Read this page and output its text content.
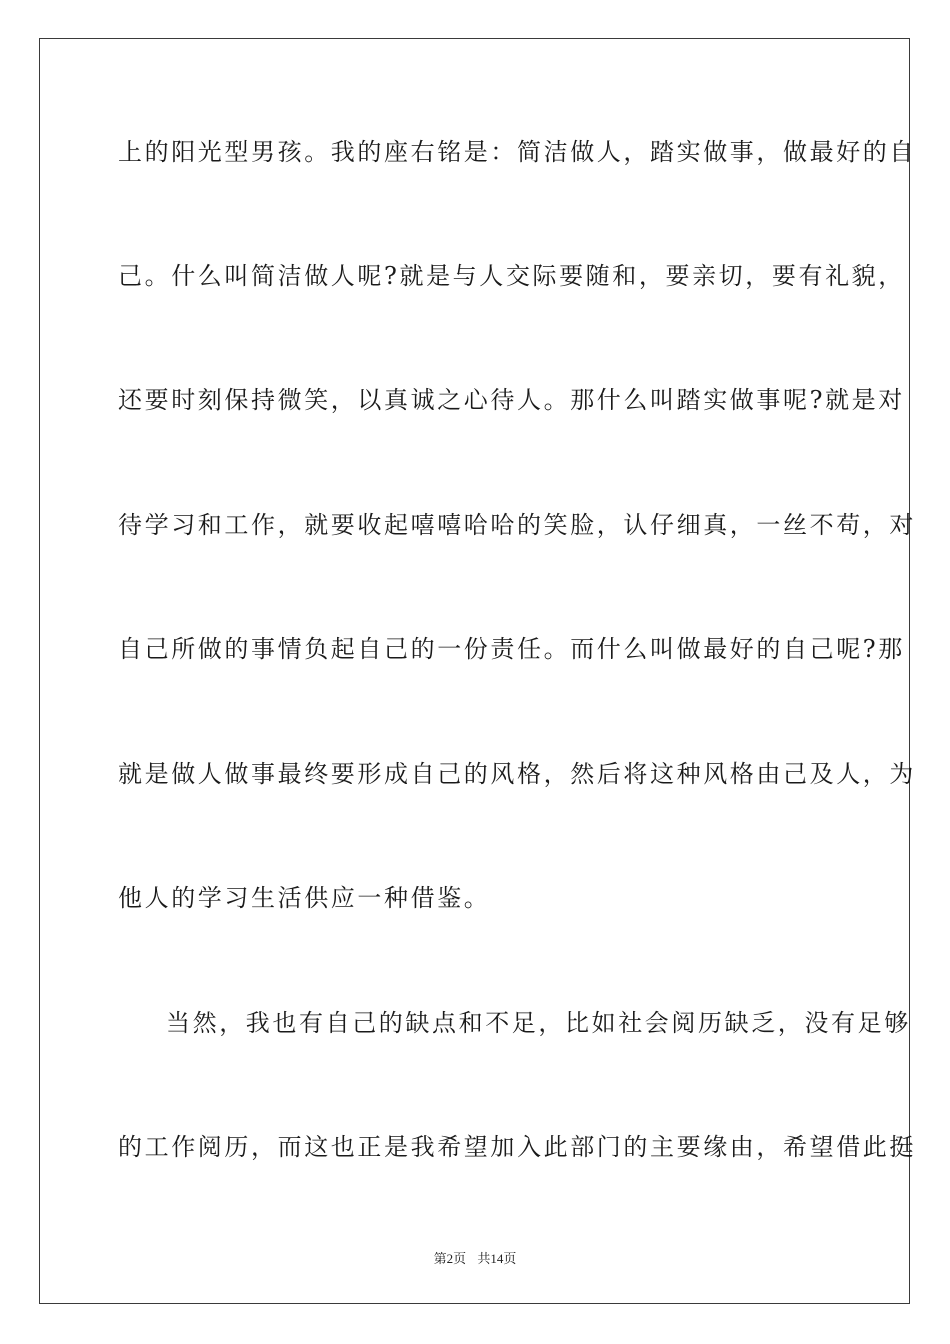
上的阳光型男孩。我的座右铭是：简洁做人，踏实做事，做最好的自
己。什么叫简洁做人呢?就是与人交际要随和，要亲切，要有礼貌，
还要时刻保持微笑，以真诚之心待人。那什么叫踏实做事呢?就是对
待学习和工作，就要收起嘻嘻哈哈的笑脸，认仔细真，一丝不苟，对
自己所做的事情负起自己的一份责任。而什么叫做最好的自己呢?那
就是做人做事最终要形成自己的风格，然后将这种风格由己及人，为
他人的学习生活供应一种借鉴。
当然，我也有自己的缺点和不足，比如社会阅历缺乏，没有足够
的工作阅历，而这也正是我希望加入此部门的主要缘由，希望借此挺
第2页 共14页
